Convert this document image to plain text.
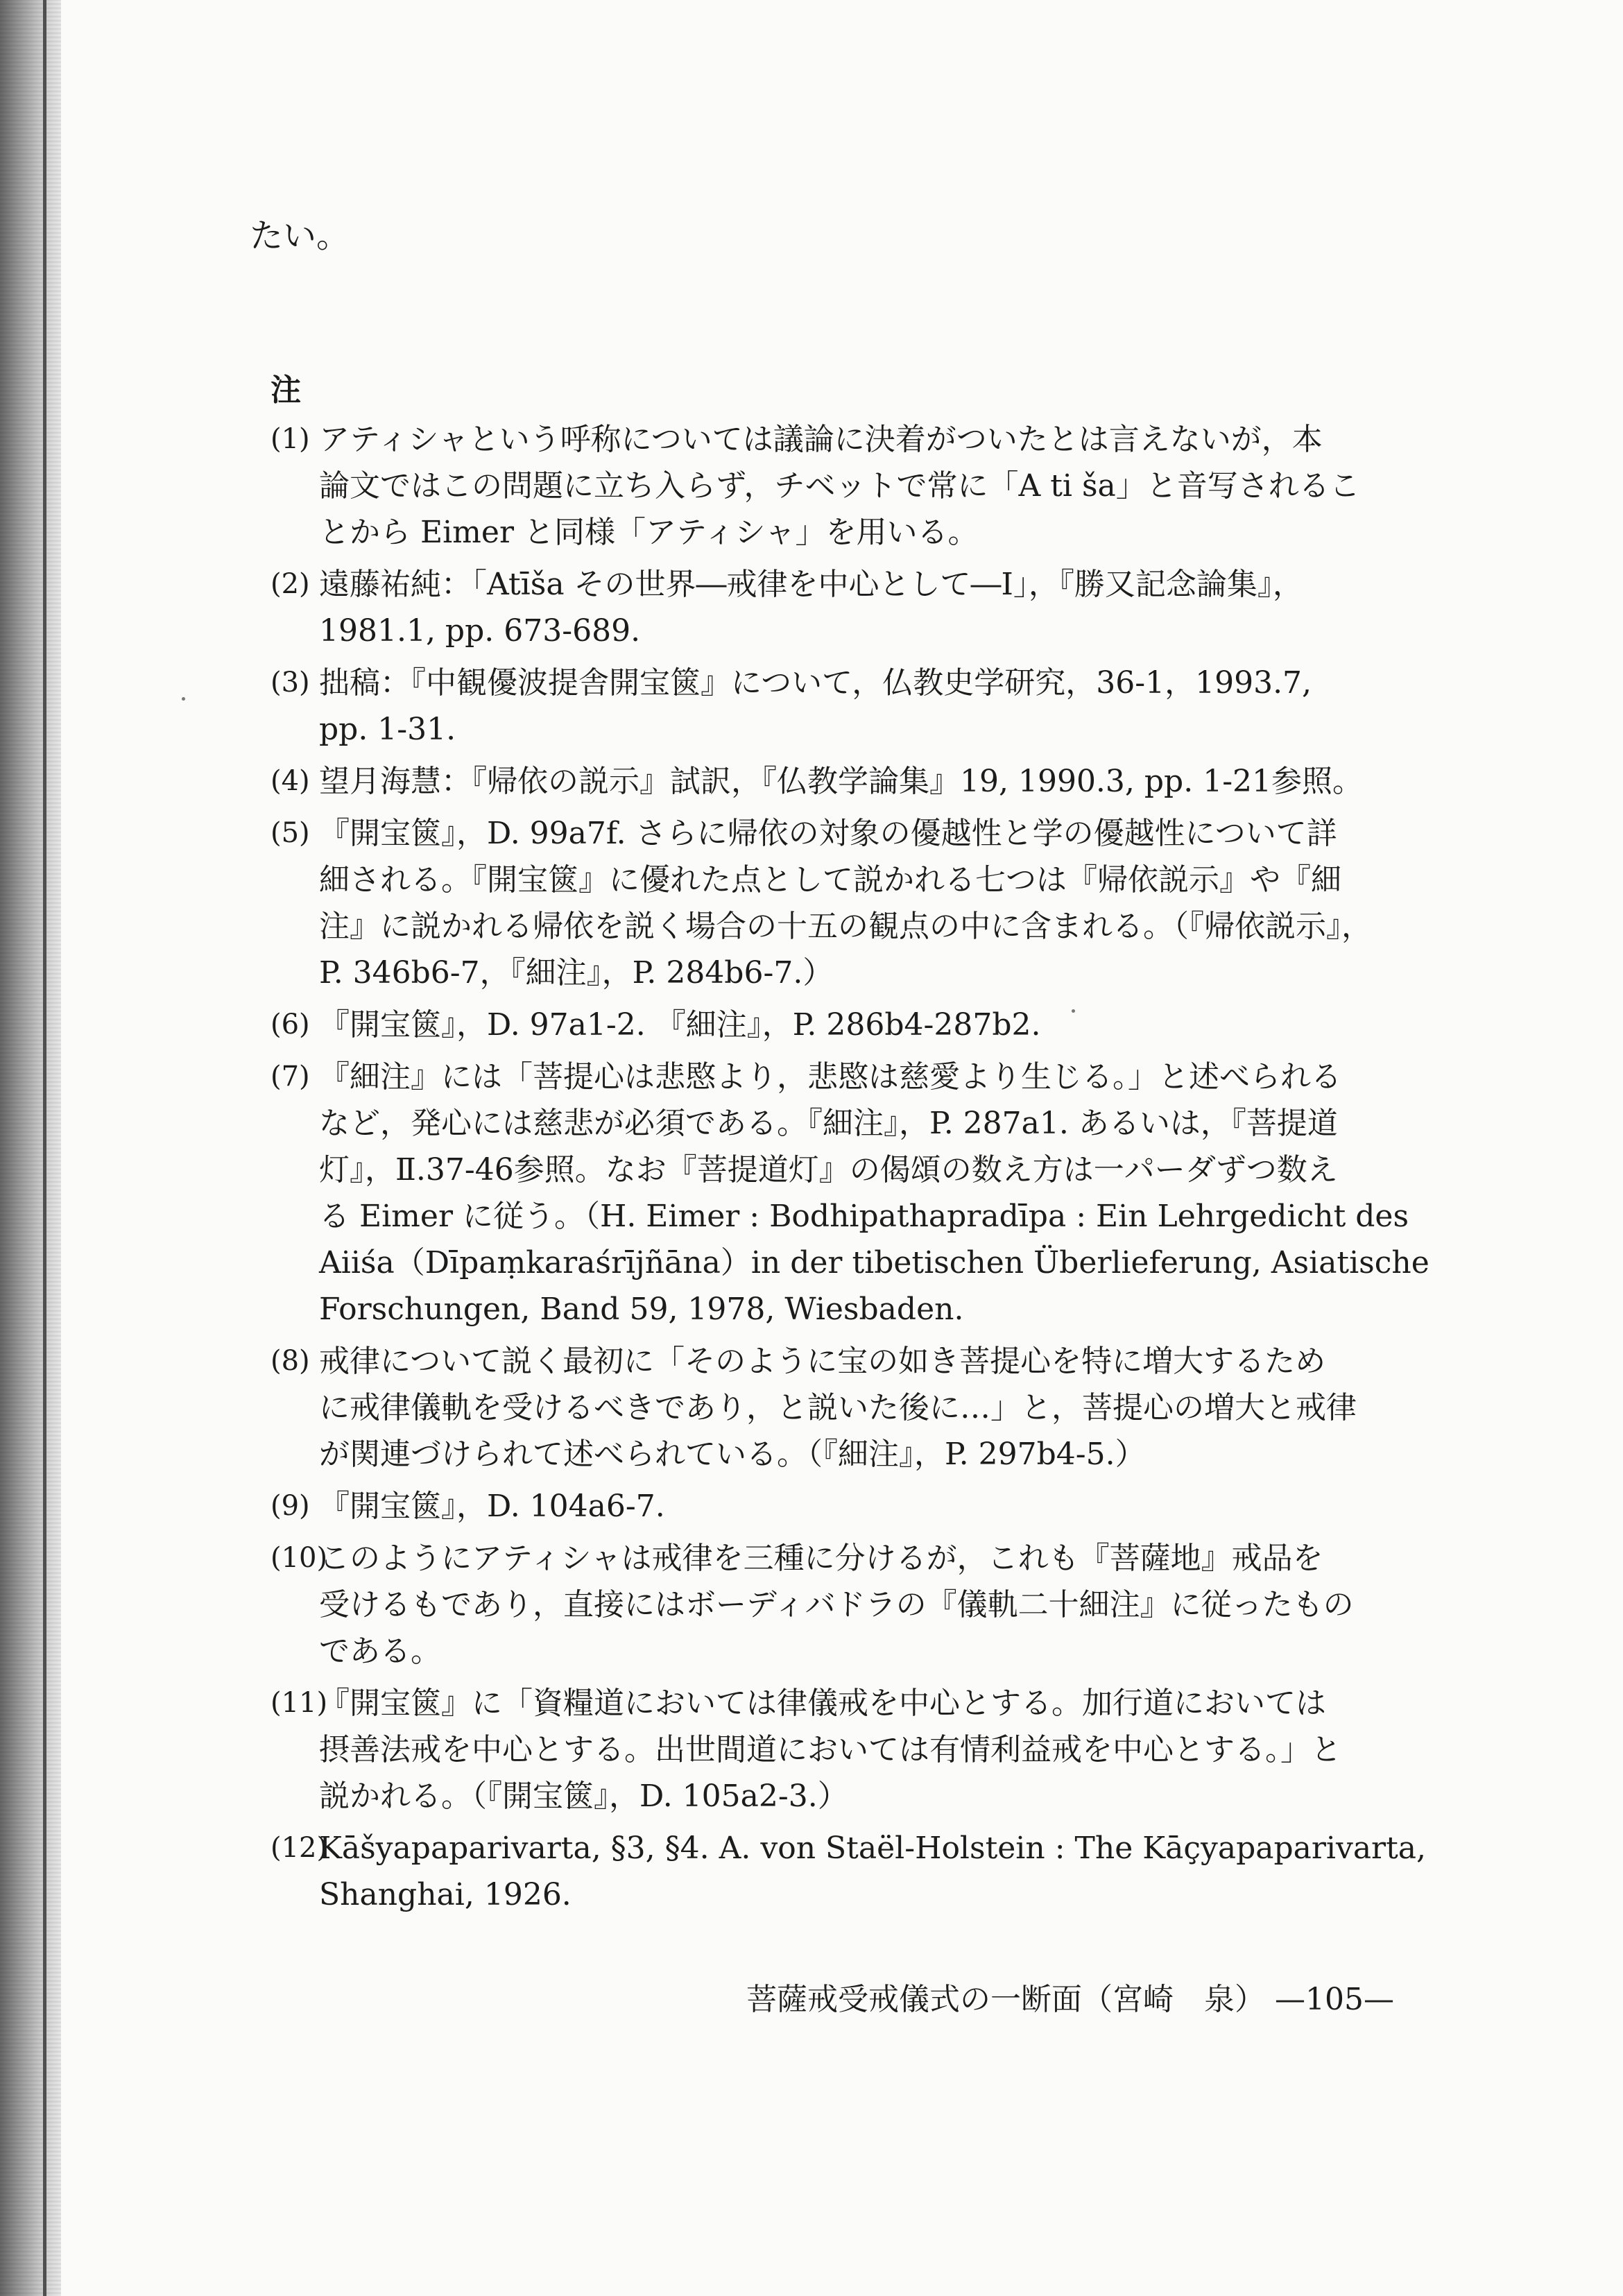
たい。
注
(1) アティシャという呼称については議論に決着がついたとは言えないが，本
論文ではこの問題に立ち入らず，チベットで常に「A ti ša」と音写されるこ
とから Eimer と同様「アティシャ」を用いる。
(2) 遠藤祐純：「Atīša その世界―戒律を中心として―Ⅰ」，『勝又記念論集』，
1981.1, pp. 673-689.
(3) 拙稿：『中観優波提舎開宝篋』について，仏教史学研究，36-1，1993.7,
pp. 1-31.
(4) 望月海慧：『帰依の説示』試訳，『仏教学論集』19, 1990.3, pp. 1-21参照。
(5) 『開宝篋』，D. 99a7f. さらに帰依の対象の優越性と学の優越性について詳
細される。『開宝篋』に優れた点として説かれる七つは『帰依説示』や『細
注』に説かれる帰依を説く場合の十五の観点の中に含まれる。（『帰依説示』，
P. 346b6-7，『細注』，P. 284b6-7.）
(6) 『開宝篋』，D. 97a1-2. 『細注』，P. 286b4-287b2.
(7) 『細注』には「菩提心は悲愍より，悲愍は慈愛より生じる。」と述べられる
など，発心には慈悲が必須である。『細注』，P. 287a1. あるいは，『菩提道
灯』，Ⅱ.37-46参照。なお『菩提道灯』の偈頌の数え方は一パーダずつ数え
る Eimer に従う。（H. Eimer : Bodhipathapradīpa : Ein Lehrgedicht des
Aiiśa（Dīpaṃkaraśrījñāna）in der tibetischen Überlieferung, Asiatische
Forschungen, Band 59, 1978, Wiesbaden.
(8) 戒律について説く最初に「そのように宝の如き菩提心を特に増大するため
に戒律儀軌を受けるべきであり，と説いた後に…」と，菩提心の増大と戒律
が関連づけられて述べられている。（『細注』，P. 297b4-5.）
(9) 『開宝篋』，D. 104a6-7.
(10)
このようにアティシャは戒律を三種に分けるが，これも『菩薩地』戒品を
受けるもであり，直接にはボーディバドラの『儀軌二十細注』に従ったもの
である。
(11)
『開宝篋』に「資糧道においては律儀戒を中心とする。加行道においては
摂善法戒を中心とする。出世間道においては有情利益戒を中心とする。」と
説かれる。（『開宝篋』，D. 105a2-3.）
(12)
Kāšyapaparivarta, §3, §4. A. von Staël-Holstein : The Kāçyapaparivarta,
Shanghai, 1926.
菩薩戒受戒儀式の一断面（宮崎　泉） —105—
